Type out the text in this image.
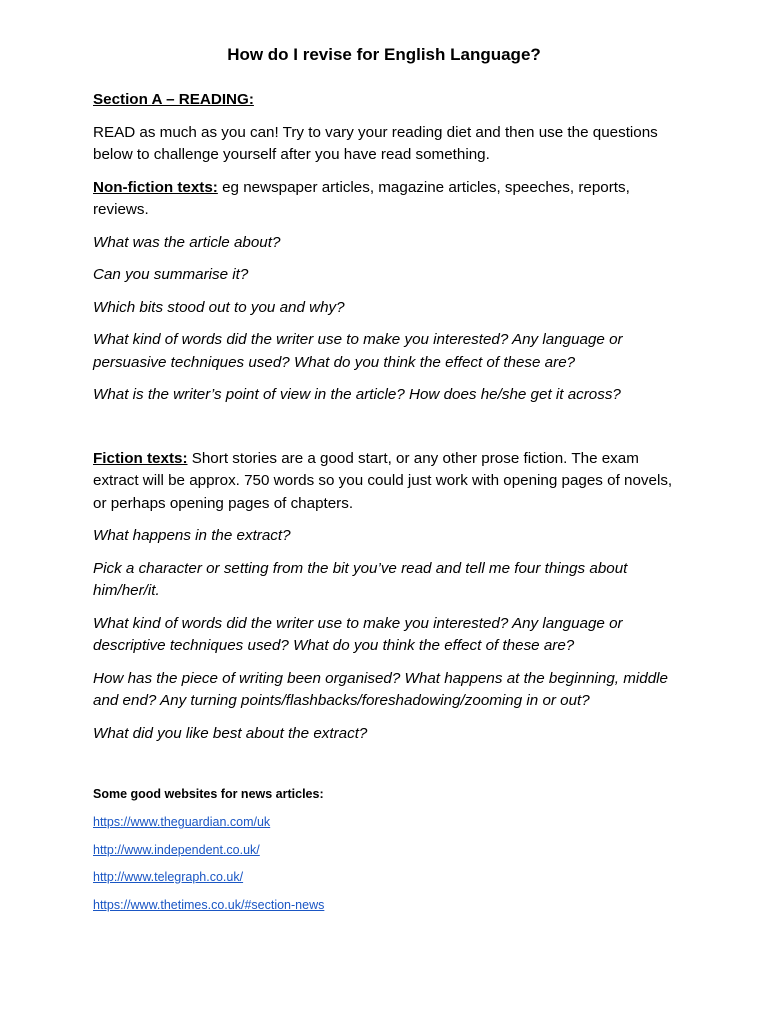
How do I revise for English Language?

Section A – READING:

READ as much as you can! Try to vary your reading diet and then use the questions below to challenge yourself after you have read something.

Non-fiction texts: eg newspaper articles, magazine articles, speeches, reports, reviews.

What was the article about?

Can you summarise it?

Which bits stood out to you and why?

What kind of words did the writer use to make you interested? Any language or persuasive techniques used? What do you think the effect of these are?

What is the writer’s point of view in the article? How does he/she get it across?

Fiction texts: Short stories are a good start, or any other prose fiction. The exam extract will be approx. 750 words so you could just work with opening pages of novels, or perhaps opening pages of chapters.

What happens in the extract?

Pick a character or setting from the bit you’ve read and tell me four things about him/her/it.

What kind of words did the writer use to make you interested? Any language or descriptive techniques used? What do you think the effect of these are?

How has the piece of writing been organised? What happens at the beginning, middle and end? Any turning points/flashbacks/foreshadowing/zooming in or out?

What did you like best about the extract?

Some good websites for news articles:

https://www.theguardian.com/uk
http://www.independent.co.uk/
http://www.telegraph.co.uk/
https://www.thetimes.co.uk/#section-news
